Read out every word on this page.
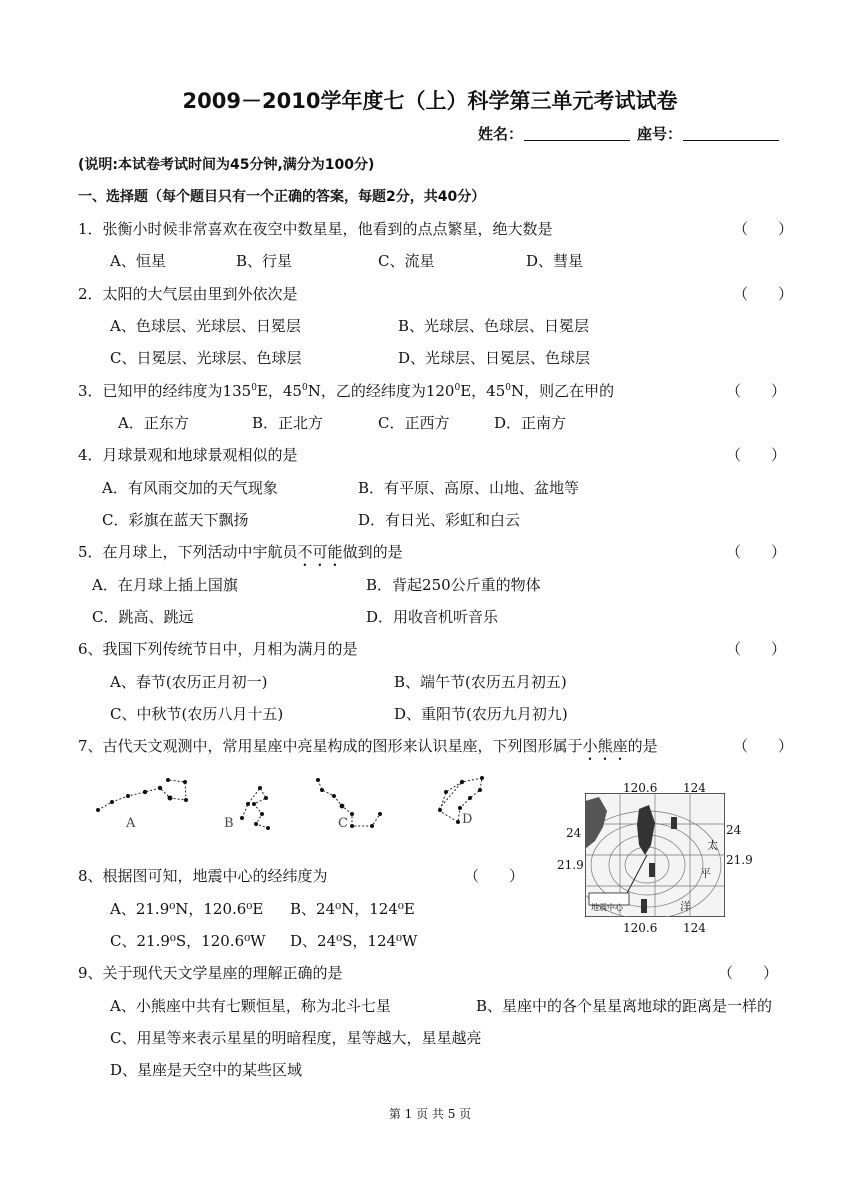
2009－2010学年度七（上）科学第三单元考试试卷
姓名：	座号：
(说明:本试卷考试时间为45分钟,满分为100分)
一、选择题（每个题目只有一个正确的答案，每题2分，共40分）
1．张衡小时候非常喜欢在夜空中数星星，他看到的点点繁星，绝大数是	（　　）
A、恒星	B、行星	C、流星	D、彗星
2．太阳的大气层由里到外依次是	（　　）
A、色球层、光球层、日冕层	B、光球层、色球层、日冕层
C、日冕层、光球层、色球层	D、光球层、日冕层、色球层
3．已知甲的经纬度为$135^0E$，$45^0N$，乙的经纬度为$120^0E$，$45^0N$，则乙在甲的	（　　）
A．正东方	B．正北方	C．正西方	D．正南方
4．月球景观和地球景观相似的是	（　　）
A．有风雨交加的天气现象	B．有平原、高原、山地、盆地等
C．彩旗在蓝天下飘扬	D．有日光、彩虹和白云
5．在月球上，下列活动中宇航员不可能做到的是	（　　）
A．在月球上插上国旗	B．背起250公斤重的物体
C．跳高、跳远	D．用收音机听音乐
6、我国下列传统节日中，月相为满月的是	（　　）
A、春节(农历正月初一)	B、端午节(农历五月初五)
C、中秋节(农历八月十五)	D、重阳节(农历九月初九)
7、古代天文观测中，常用星座中亮星构成的图形来认识星座，下列图形属于小熊座的是	（　　）
A	B	C	D
地震中心
120.6 124
120.6 124
24
21.9
24
21.9
太
平
洋
8、根据图可知，地震中心的经纬度为	（　　）
A、21.9⁰N，120.6⁰E B、24⁰N，124⁰E
C、21.9⁰S，120.6⁰W D、24⁰S，124⁰W
9、关于现代天文学星座的理解正确的是	（　　）
A、小熊座中共有七颗恒星，称为北斗七星	B、星座中的各个星星离地球的距离是一样的
C、用星等来表示星星的明暗程度，星等越大，星星越亮
D、星座是天空中的某些区域
第 1 页 共 5 页
